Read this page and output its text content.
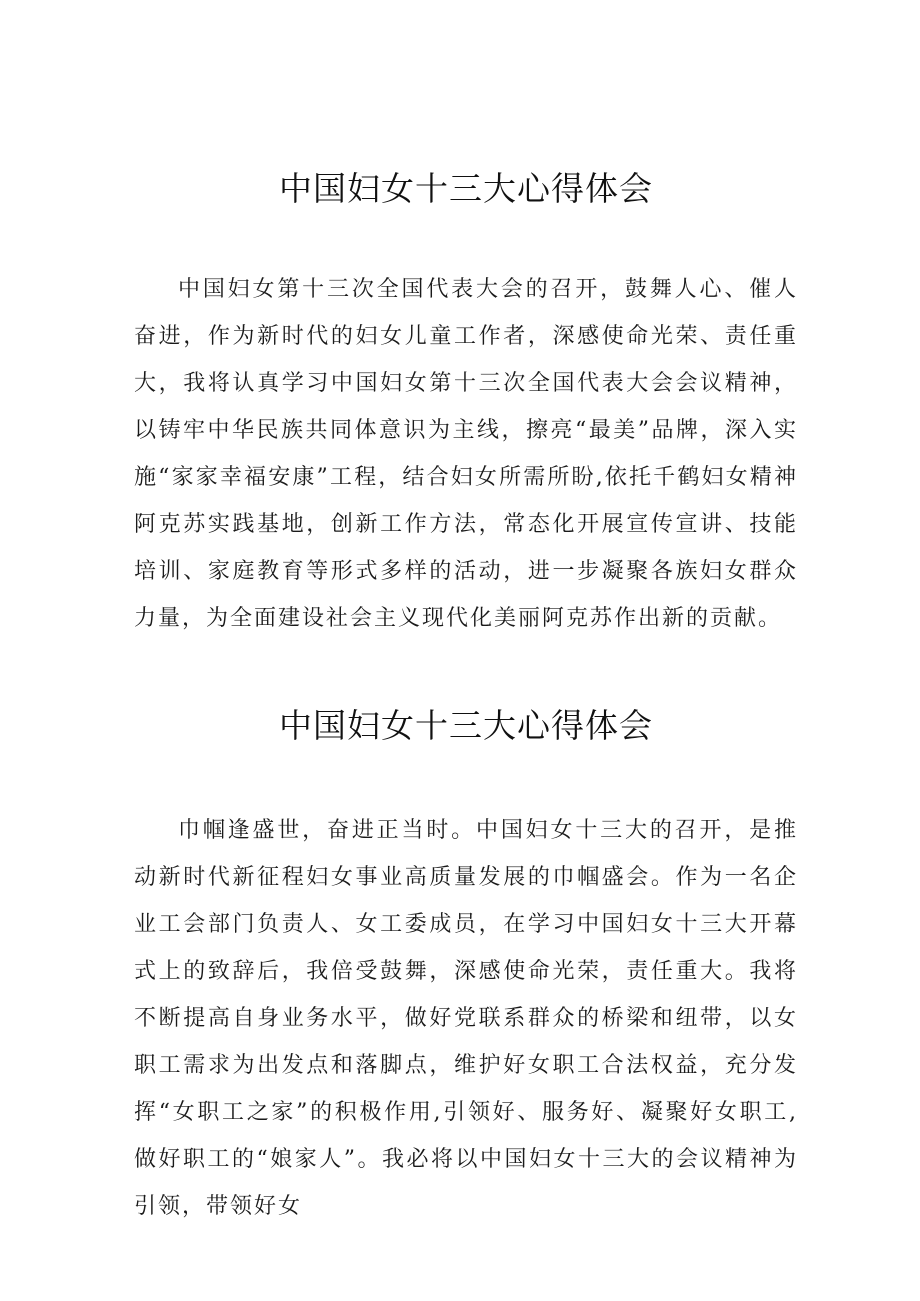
中国妇女十三大心得体会

中国妇女第十三次全国代表大会的召开，鼓舞人心、催人奋进，作为新时代的妇女儿童工作者，深感使命光荣、责任重大，我将认真学习中国妇女第十三次全国代表大会会议精神，以铸牢中华民族共同体意识为主线，擦亮“最美”品牌，深入实施“家家幸福安康”工程，结合妇女所需所盼,依托千鹤妇女精神阿克苏实践基地，创新工作方法，常态化开展宣传宣讲、技能培训、家庭教育等形式多样的活动，进一步凝聚各族妇女群众力量，为全面建设社会主义现代化美丽阿克苏作出新的贡献。

中国妇女十三大心得体会

巾帼逢盛世，奋进正当时。中国妇女十三大的召开，是推动新时代新征程妇女事业高质量发展的巾帼盛会。作为一名企业工会部门负责人、女工委成员，在学习中国妇女十三大开幕式上的致辞后，我倍受鼓舞，深感使命光荣，责任重大。我将不断提高自身业务水平，做好党联系群众的桥梁和纽带，以女职工需求为出发点和落脚点，维护好女职工合法权益，充分发挥“女职工之家”的积极作用,引领好、服务好、凝聚好女职工,做好职工的“娘家人”。我必将以中国妇女十三大的会议精神为引领，带领好女
